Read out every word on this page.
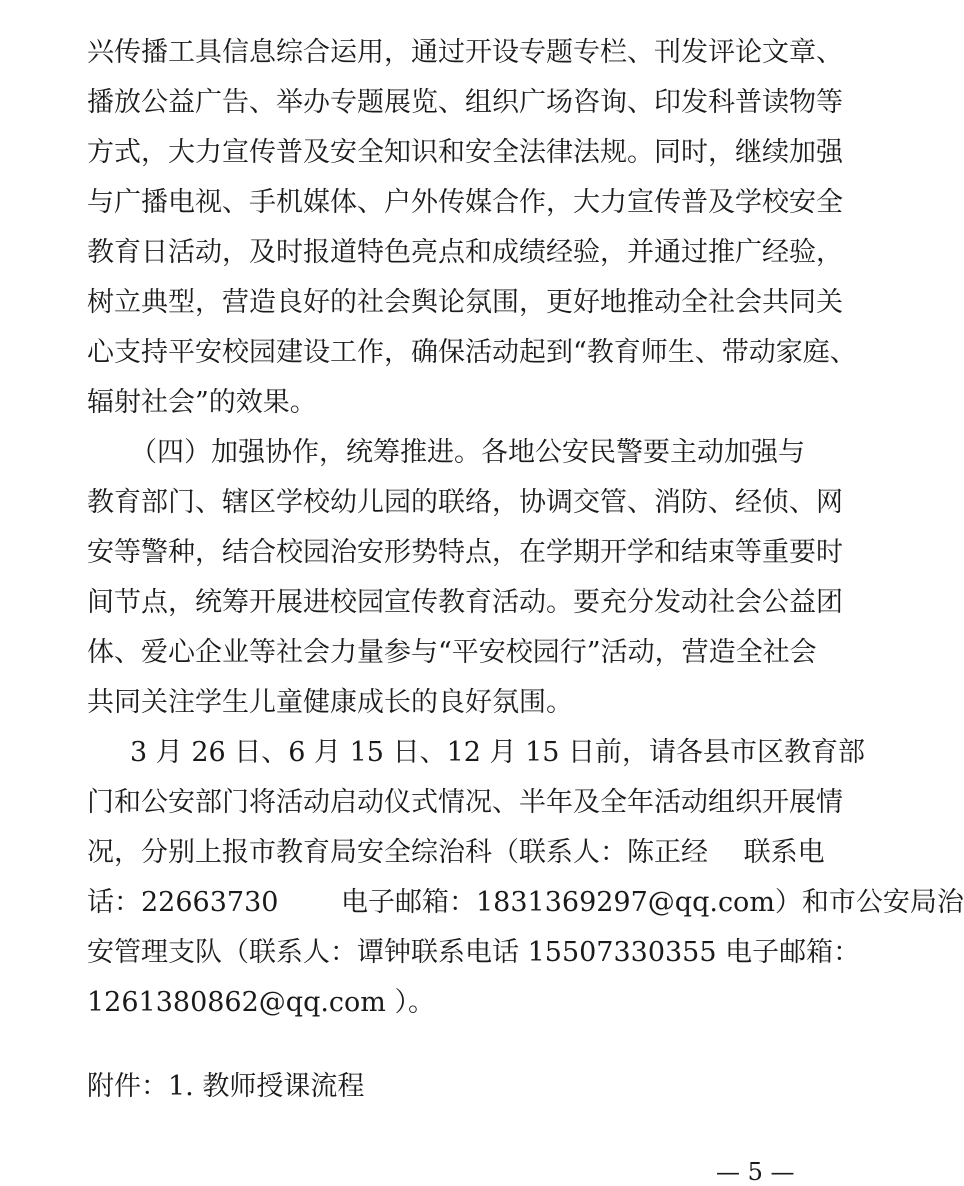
兴传播工具信息综合运用，通过开设专题专栏、刊发评论文章、
播放公益广告、举办专题展览、组织广场咨询、印发科普读物等
方式，大力宣传普及安全知识和安全法律法规。同时，继续加强
与广播电视、手机媒体、户外传媒合作，大力宣传普及学校安全
教育日活动，及时报道特色亮点和成绩经验，并通过推广经验，
树立典型，营造良好的社会舆论氛围，更好地推动全社会共同关
心支持平安校园建设工作，确保活动起到“教育师生、带动家庭、
辐射社会”的效果。
（四）加强协作，统筹推进。各地公安民警要主动加强与
教育部门、辖区学校幼儿园的联络，协调交管、消防、经侦、网
安等警种，结合校园治安形势特点，在学期开学和结束等重要时
间节点，统筹开展进校园宣传教育活动。要充分发动社会公益团
体、爱心企业等社会力量参与“平安校园行”活动，营造全社会
共同关注学生儿童健康成长的良好氛围。
3 月 26 日、6 月 15 日、12 月 15 日前，请各县市区教育部
门和公安部门将活动启动仪式情况、半年及全年活动组织开展情
况，分别上报市教育局安全综治科（联系人：陈正经　 联系电
话：22663730　　 电子邮箱：1831369297@qq.com）和市公安局治
安管理支队（联系人：谭钟联系电话 15507330355 电子邮箱：
1261380862@qq.com ）。
— 5 —
附件：1. 教师授课流程
